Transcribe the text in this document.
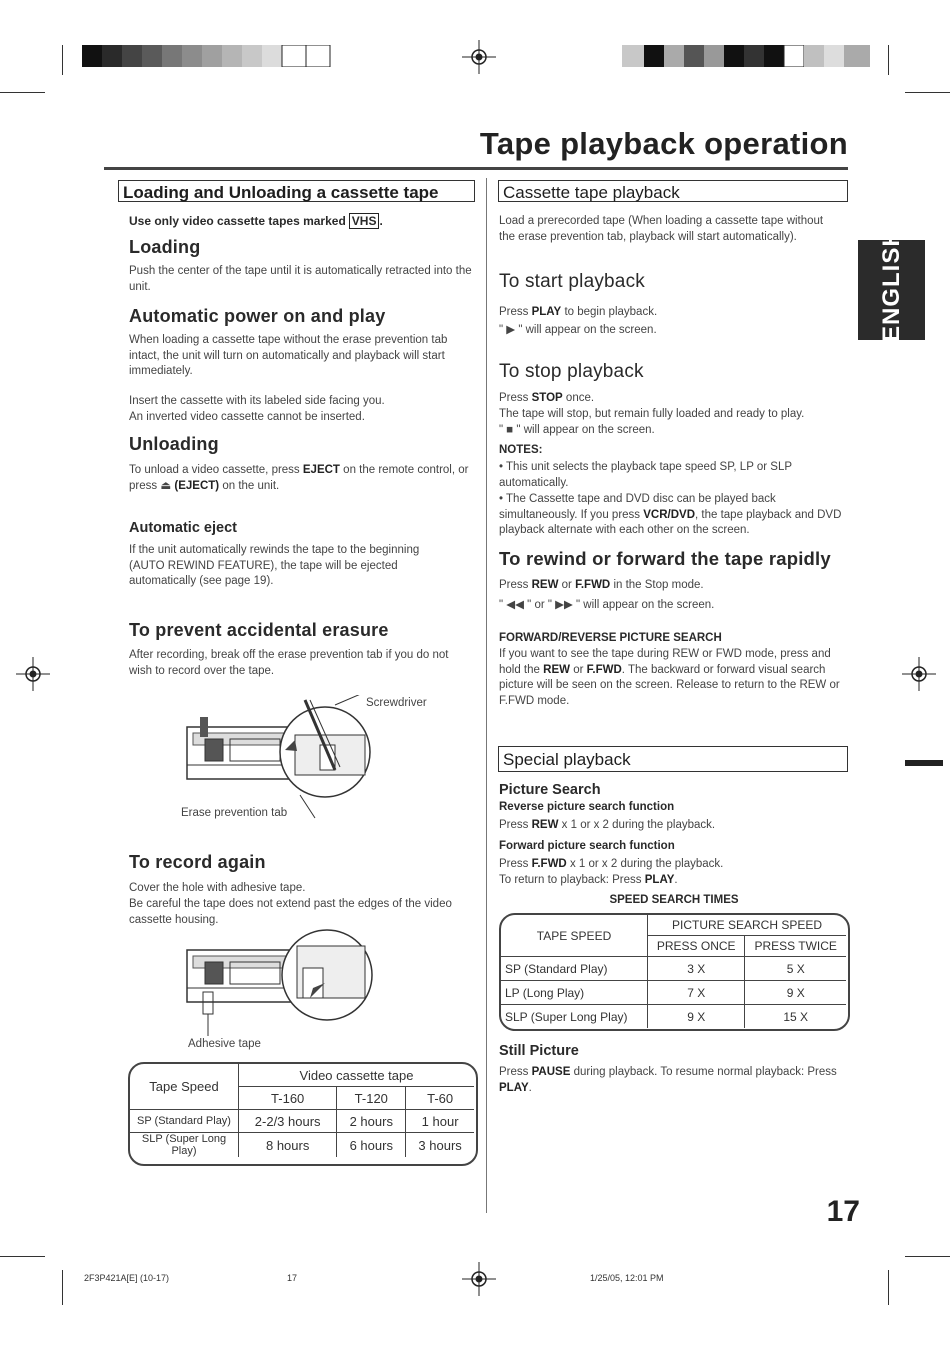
Tape playback operation
ENGLISH
Loading and Unloading a cassette tape
Use only video cassette tapes marked VHS .
Loading
Push the center of the tape until it is automatically retracted into the unit.
Automatic power on and play
When loading a cassette tape without the erase prevention tab intact, the unit will turn on automatically and playback will start immediately.
Insert the cassette with its labeled side facing you.
An inverted video cassette cannot be inserted.
Unloading
To unload a video cassette, press EJECT on the remote control, or press ⏏ (EJECT) on the unit.
Automatic eject
If the unit automatically rewinds the tape to the beginning (AUTO REWIND FEATURE), the tape will be ejected automatically (see page 19).
To prevent accidental erasure
After recording, break off the erase prevention tab if you do not wish to record over the tape.
Screwdriver
Erase prevention tab
To record again
Cover the hole with adhesive tape.
Be careful the tape does not extend past the edges of the video cassette housing.
Adhesive tape
Tape Speed	Video cassette tape		
	T-160	T-120	T-60
SP (Standard Play)	2-2/3 hours	2 hours	1 hour
SLP (Super Long Play)	8 hours	6 hours	3 hours
Cassette tape playback
Load a prerecorded tape (When loading a cassette tape without the erase prevention tab, playback will start automatically).
To start playback
Press PLAY to begin playback.
" ▶ " will appear on the screen.
To stop playback
Press STOP once.
The tape will stop, but remain fully loaded and ready to play.
" ■ " will appear on the screen.
NOTES:
• This unit selects the playback tape speed SP, LP or SLP automatically.
• The Cassette tape and DVD disc can be played back simultaneously. If you press VCR/DVD, the tape playback and DVD playback alternate with each other on the screen.
To rewind or forward the tape rapidly
Press REW or F.FWD in the Stop mode.
" ◀◀ " or " ▶▶ " will appear on the screen.
FORWARD/REVERSE PICTURE SEARCH
If you want to see the tape during REW or FWD mode, press and hold the REW or F.FWD. The backward or forward visual search picture will be seen on the screen. Release to return to the REW or F.FWD mode.
Special playback
Picture Search
Reverse picture search function
Press REW x 1 or x 2 during the playback.
Forward picture search function
Press F.FWD x 1 or x 2 during the playback.
To return to playback: Press PLAY.
SPEED SEARCH TIMES
TAPE SPEED	PICTURE SEARCH SPEED	
	PRESS ONCE	PRESS TWICE
SP (Standard Play)	3 X	5 X
LP (Long Play)	7 X	9 X
SLP (Super Long Play)	9 X	15 X
Still Picture
Press PAUSE during playback. To resume normal playback: Press PLAY.
17
2F3P421A[E] (10-17)	17	1/25/05, 12:01 PM
